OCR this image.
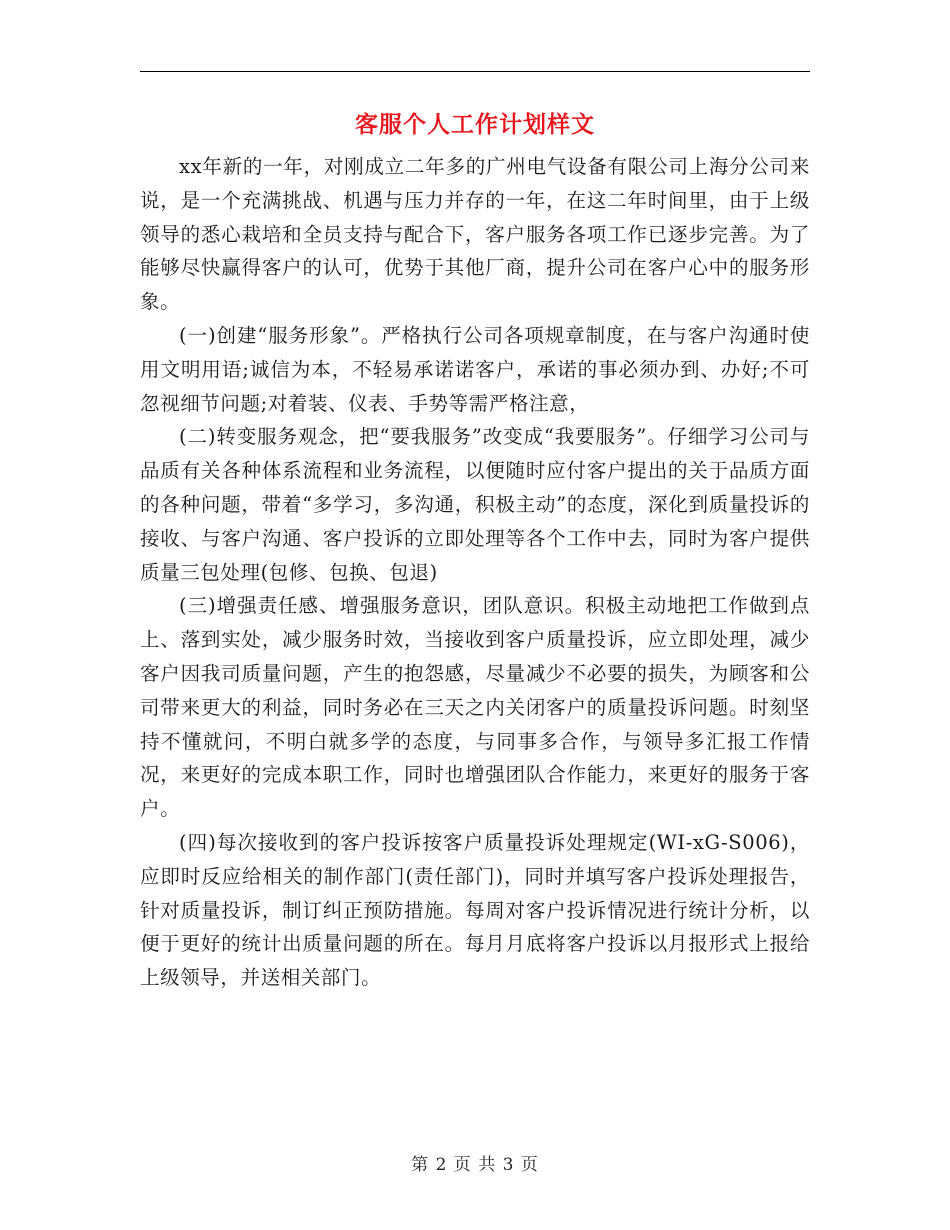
客服个人工作计划样文

xx年新的一年，对刚成立二年多的广州电气设备有限公司上海分公司来说，是一个充满挑战、机遇与压力并存的一年，在这二年时间里，由于上级领导的悉心栽培和全员支持与配合下，客户服务各项工作已逐步完善。为了能够尽快赢得客户的认可，优势于其他厂商，提升公司在客户心中的服务形象。

(一)创建“服务形象”。严格执行公司各项规章制度，在与客户沟通时使用文明用语;诚信为本，不轻易承诺诺客户，承诺的事必须办到、办好;不可忽视细节问题;对着装、仪表、手势等需严格注意，

(二)转变服务观念，把“要我服务”改变成“我要服务”。仔细学习公司与品质有关各种体系流程和业务流程，以便随时应付客户提出的关于品质方面的各种问题，带着“多学习，多沟通，积极主动”的态度，深化到质量投诉的接收、与客户沟通、客户投诉的立即处理等各个工作中去，同时为客户提供质量三包处理(包修、包换、包退)

(三)增强责任感、增强服务意识，团队意识。积极主动地把工作做到点上、落到实处，减少服务时效，当接收到客户质量投诉，应立即处理，减少客户因我司质量问题，产生的抱怨感，尽量减少不必要的损失，为顾客和公司带来更大的利益，同时务必在三天之内关闭客户的质量投诉问题。时刻坚持不懂就问，不明白就多学的态度，与同事多合作，与领导多汇报工作情况，来更好的完成本职工作，同时也增强团队合作能力，来更好的服务于客户。

(四)每次接收到的客户投诉按客户质量投诉处理规定(WI-xG-S006)，应即时反应给相关的制作部门(责任部门)，同时并填写客户投诉处理报告，针对质量投诉，制订纠正预防措施。每周对客户投诉情况进行统计分析，以便于更好的统计出质量问题的所在。每月月底将客户投诉以月报形式上报给上级领导，并送相关部门。

第 2 页 共 3 页
